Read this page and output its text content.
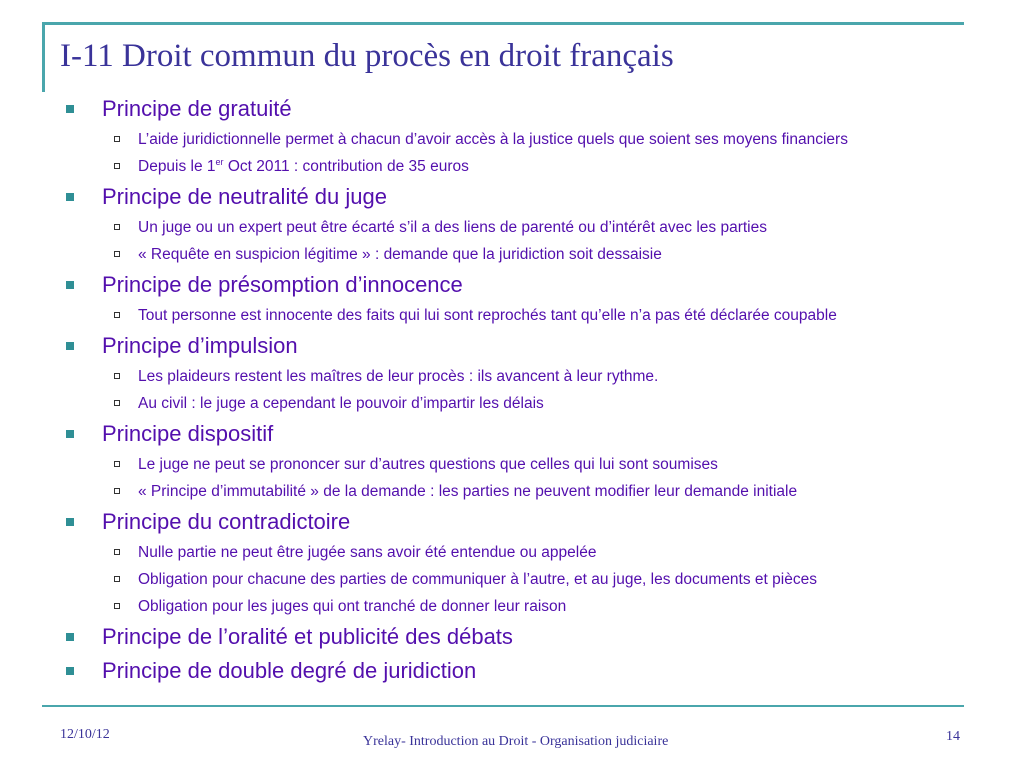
I-11 Droit commun du procès en droit français
Principe de gratuité
L’aide juridictionnelle permet à chacun d’avoir accès à la justice quels que soient ses moyens financiers
Depuis le 1er Oct 2011 : contribution de 35 euros
Principe de neutralité du juge
Un juge ou un expert peut être écarté s’il a des liens de parenté ou d’intérêt avec les parties
« Requête en suspicion légitime » : demande que la juridiction soit dessaisie
Principe de présomption d’innocence
Tout personne est innocente des faits qui lui sont reprochés tant qu’elle n’a pas été déclarée coupable
Principe d’impulsion
Les plaideurs restent les maîtres de leur procès : ils avancent à leur rythme.
Au civil : le juge a cependant le pouvoir d’impartir les délais
Principe dispositif
Le juge ne peut se prononcer sur d’autres questions que celles qui lui sont soumises
« Principe d’immutabilité » de la demande : les parties ne peuvent modifier leur demande initiale
Principe du contradictoire
Nulle partie ne peut être jugée sans avoir été entendue ou appelée
Obligation pour chacune des parties de communiquer à l’autre, et au juge, les documents et pièces
Obligation pour les juges qui ont tranché de donner leur raison
Principe de l’oralité et publicité des débats
Principe de double degré de juridiction
12/10/12	Yrelay- Introduction au Droit - Organisation judiciaire	14
